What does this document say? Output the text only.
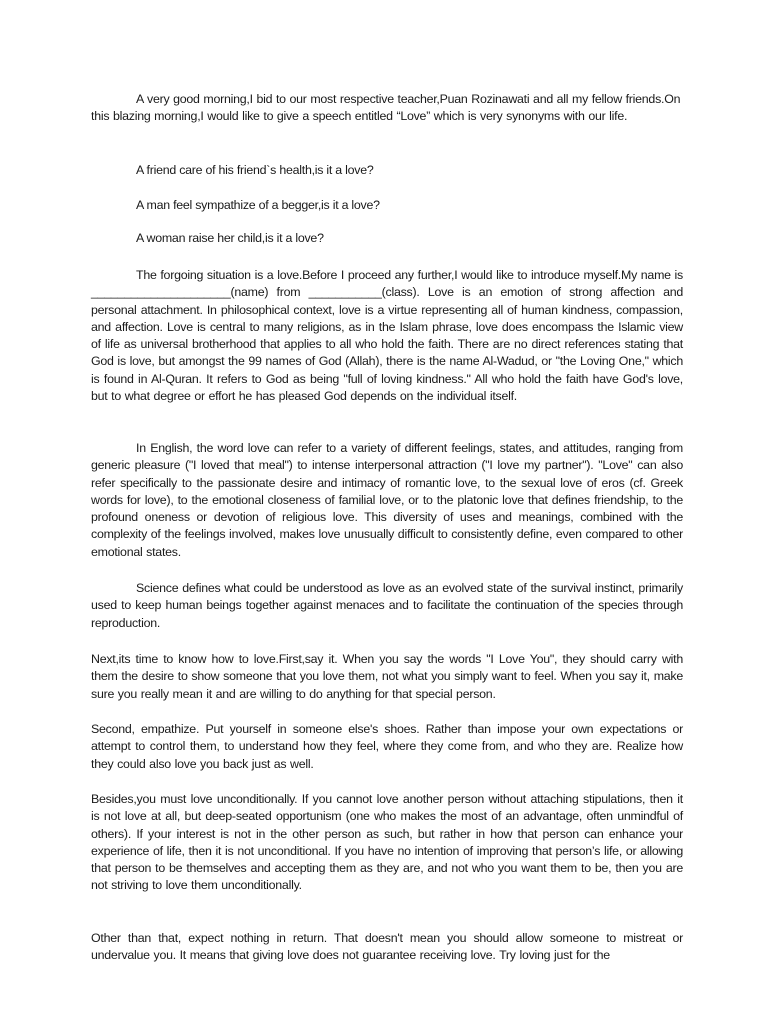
A very good morning,I bid to our most respective teacher,Puan Rozinawati and all my fellow friends.On this blazing morning,I would like to give a speech entitled “Love” which is very synonyms with our life.

A friend care of his friend`s health,is it a love?
A man feel sympathize of a begger,is it a love?
A woman raise her child,is it a love?

The forgoing situation is a love.Before I proceed any further,I would like to introduce myself.My name is _____________________(name) from ___________(class). Love is an emotion of strong affection and personal attachment. In philosophical context, love is a virtue representing all of human kindness, compassion, and affection. Love is central to many religions, as in the Islam phrase, love does encompass the Islamic view of life as universal brotherhood that applies to all who hold the faith. There are no direct references stating that God is love, but amongst the 99 names of God (Allah), there is the name Al-Wadud, or "the Loving One," which is found in Al-Quran. It refers to God as being "full of loving kindness." All who hold the faith have God's love, but to what degree or effort he has pleased God depends on the individual itself.

In English, the word love can refer to a variety of different feelings, states, and attitudes, ranging from generic pleasure ("I loved that meal") to intense interpersonal attraction ("I love my partner"). "Love" can also refer specifically to the passionate desire and intimacy of romantic love, to the sexual love of eros (cf. Greek words for love), to the emotional closeness of familial love, or to the platonic love that defines friendship, to the profound oneness or devotion of religious love. This diversity of uses and meanings, combined with the complexity of the feelings involved, makes love unusually difficult to consistently define, even compared to other emotional states.

Science defines what could be understood as love as an evolved state of the survival instinct, primarily used to keep human beings together against menaces and to facilitate the continuation of the species through reproduction.

Next,its time to know how to love.First,say it. When you say the words "I Love You", they should carry with them the desire to show someone that you love them, not what you simply want to feel. When you say it, make sure you really mean it and are willing to do anything for that special person.

Second, empathize. Put yourself in someone else's shoes. Rather than impose your own expectations or attempt to control them, to understand how they feel, where they come from, and who they are. Realize how they could also love you back just as well.

Besides,you must love unconditionally. If you cannot love another person without attaching stipulations, then it is not love at all, but deep-seated opportunism (one who makes the most of an advantage, often unmindful of others). If your interest is not in the other person as such, but rather in how that person can enhance your experience of life, then it is not unconditional. If you have no intention of improving that person’s life, or allowing that person to be themselves and accepting them as they are, and not who you want them to be, then you are not striving to love them unconditionally.

Other than that, expect nothing in return. That doesn't mean you should allow someone to mistreat or undervalue you. It means that giving love does not guarantee receiving love. Try loving just for the
